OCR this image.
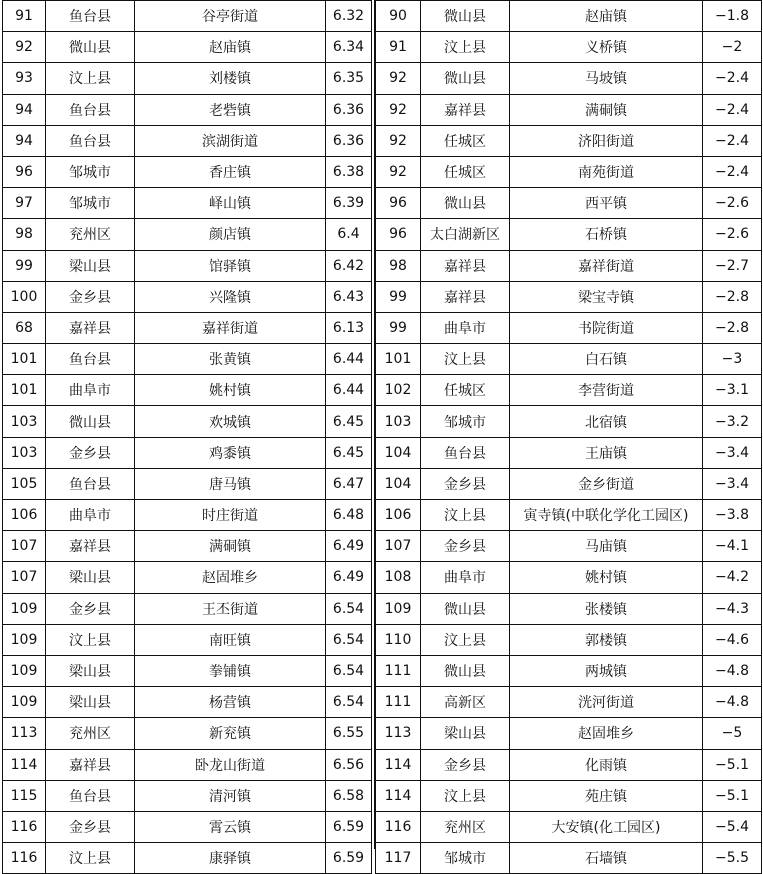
91	鱼台县	谷亭街道	6.32
92	微山县	赵庙镇	6.34
93	汶上县	刘楼镇	6.35
94	鱼台县	老砦镇	6.36
94	鱼台县	滨湖街道	6.36
96	邹城市	香庄镇	6.38
97	邹城市	峄山镇	6.39
98	兖州区	颜店镇	6.4
99	梁山县	馆驿镇	6.42
100	金乡县	兴隆镇	6.43
68	嘉祥县	嘉祥街道	6.13
101	鱼台县	张黄镇	6.44
101	曲阜市	姚村镇	6.44
103	微山县	欢城镇	6.45
103	金乡县	鸡黍镇	6.45
105	鱼台县	唐马镇	6.47
106	曲阜市	时庄街道	6.48
107	嘉祥县	满硐镇	6.49
107	梁山县	赵固堆乡	6.49
109	金乡县	王丕街道	6.54
109	汶上县	南旺镇	6.54
109	梁山县	拳铺镇	6.54
109	梁山县	杨营镇	6.54
113	兖州区	新兖镇	6.55
114	嘉祥县	卧龙山街道	6.56
115	鱼台县	清河镇	6.58
116	金乡县	霄云镇	6.59
116	汶上县	康驿镇	6.59
90	微山县	赵庙镇	−1.8
91	汶上县	义桥镇	−2
92	微山县	马坡镇	−2.4
92	嘉祥县	满硐镇	−2.4
92	任城区	济阳街道	−2.4
92	任城区	南苑街道	−2.4
96	微山县	西平镇	−2.6
96	太白湖新区	石桥镇	−2.6
98	嘉祥县	嘉祥街道	−2.7
99	嘉祥县	梁宝寺镇	−2.8
99	曲阜市	书院街道	−2.8
101	汶上县	白石镇	−3
102	任城区	李营街道	−3.1
103	邹城市	北宿镇	−3.2
104	鱼台县	王庙镇	−3.4
104	金乡县	金乡街道	−3.4
106	汶上县	寅寺镇(中联化学化工园区)	−3.8
107	金乡县	马庙镇	−4.1
108	曲阜市	姚村镇	−4.2
109	微山县	张楼镇	−4.3
110	汶上县	郭楼镇	−4.6
111	微山县	两城镇	−4.8
111	高新区	洸河街道	−4.8
113	梁山县	赵固堆乡	−5
114	金乡县	化雨镇	−5.1
114	汶上县	苑庄镇	−5.1
116	兖州区	大安镇(化工园区)	−5.4
117	邹城市	石墙镇	−5.5
